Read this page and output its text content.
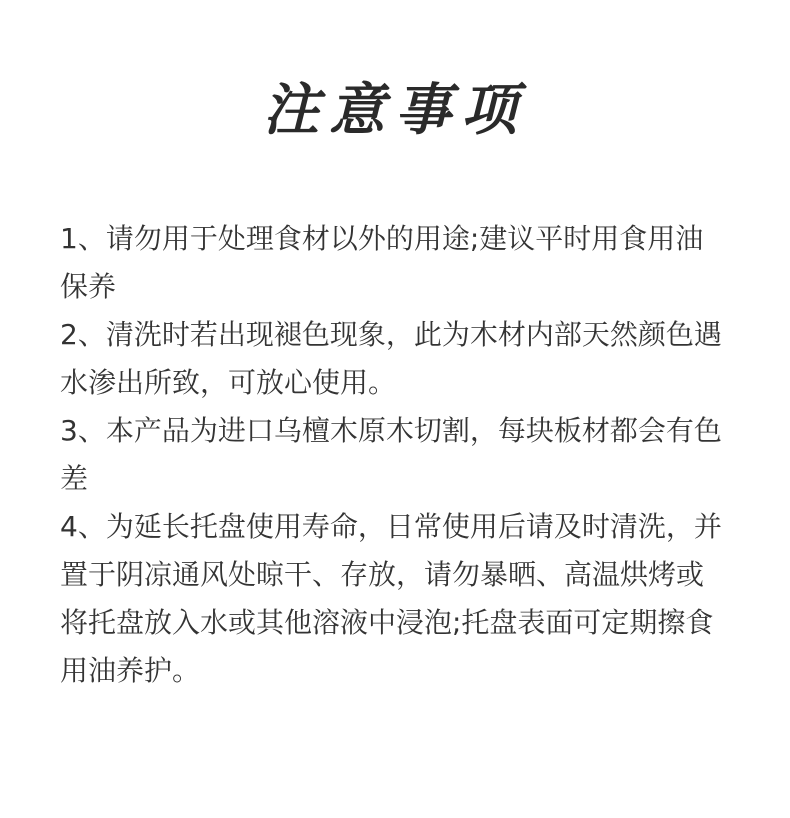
注意事项

1、请勿用于处理食材以外的用途;建议平时用食用油保养

2、清洗时若出现褪色现象，此为木材内部天然颜色遇水渗出所致，可放心使用。

3、本产品为进口乌檀木原木切割，每块板材都会有色差

4、为延长托盘使用寿命，日常使用后请及时清洗，并置于阴凉通风处晾干、存放，请勿暴晒、高温烘烤或将托盘放入水或其他溶液中浸泡;托盘表面可定期擦食用油养护。
